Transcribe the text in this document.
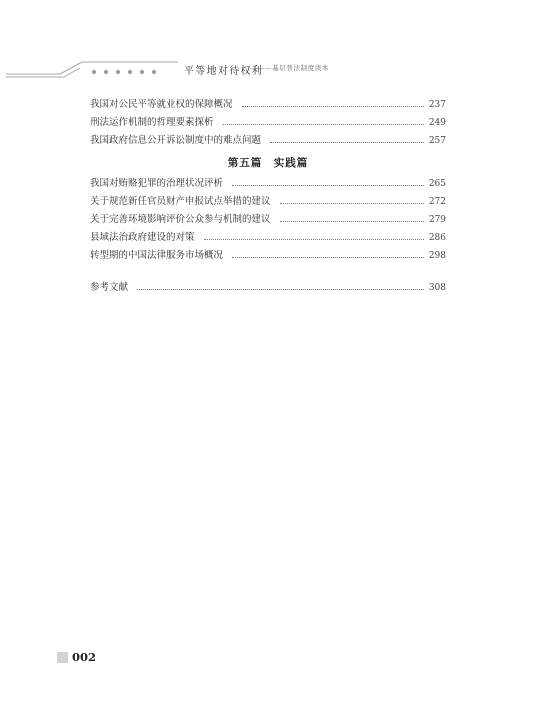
平等地对待权利
——基层普法制度读本
我国对公民平等就业权的保障概况	237
刑法运作机制的哲理要素探析	249
我国政府信息公开诉讼制度中的难点问题	257
第五篇　实践篇
我国对贿赂犯罪的治理状况评析	265
关于规范新任官员财产申报试点举措的建议	272
关于完善环境影响评价公众参与机制的建议	279
县域法治政府建设的对策	286
转型期的中国法律服务市场概况	298
参考文献	308
002
